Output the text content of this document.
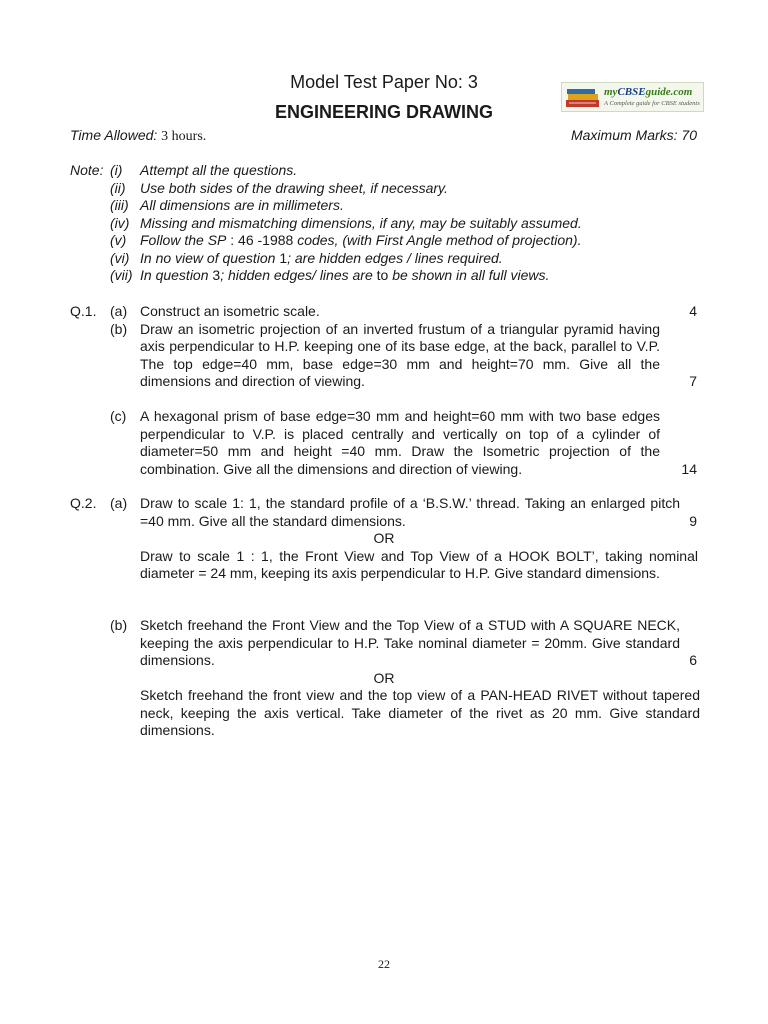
Model Test Paper No: 3
ENGINEERING DRAWING
myCBSEguide.com
A Complete guide for CBSE students
Time Allowed: 3 hours.	Maximum Marks: 70
Note: (i) Attempt all the questions.
(ii) Use both sides of the drawing sheet, if necessary.
(iii) All dimensions are in millimeters.
(iv) Missing and mismatching dimensions, if any, may be suitably assumed.
(v) Follow the SP : 46 -1988 codes, (with First Angle method of projection).
(vi) In no view of question 1; are hidden edges / lines required.
(vii) In question 3; hidden edges/ lines are to be shown in all full views.
Q.1. (a) Construct an isometric scale.	4
(b) Draw an isometric projection of an inverted frustum of a triangular pyramid having axis perpendicular to H.P. keeping one of its base edge, at the back, parallel to V.P. The top edge=40 mm, base edge=30 mm and height=70 mm. Give all the dimensions and direction of viewing.	7
(c) A hexagonal prism of base edge=30 mm and height=60 mm with two base edges perpendicular to V.P. is placed centrally and vertically on top of a cylinder of diameter=50 mm and height =40 mm. Draw the Isometric projection of the combination. Give all the dimensions and direction of viewing.	14
Q.2. (a) Draw to scale 1: 1, the standard profile of a ‘B.S.W.’ thread. Taking an enlarged pitch =40 mm. Give all the standard dimensions.	9
OR
Draw to scale 1 : 1, the Front View and Top View of a HOOK BOLT’, taking nominal diameter = 24 mm, keeping its axis perpendicular to H.P. Give standard dimensions.
(b) Sketch freehand the Front View and the Top View of a STUD with A SQUARE NECK, keeping the axis perpendicular to H.P. Take nominal diameter = 20mm. Give standard dimensions.	6
OR
Sketch freehand the front view and the top view of a PAN-HEAD RIVET without tapered neck, keeping the axis vertical. Take diameter of the rivet as 20 mm. Give standard dimensions.
22
